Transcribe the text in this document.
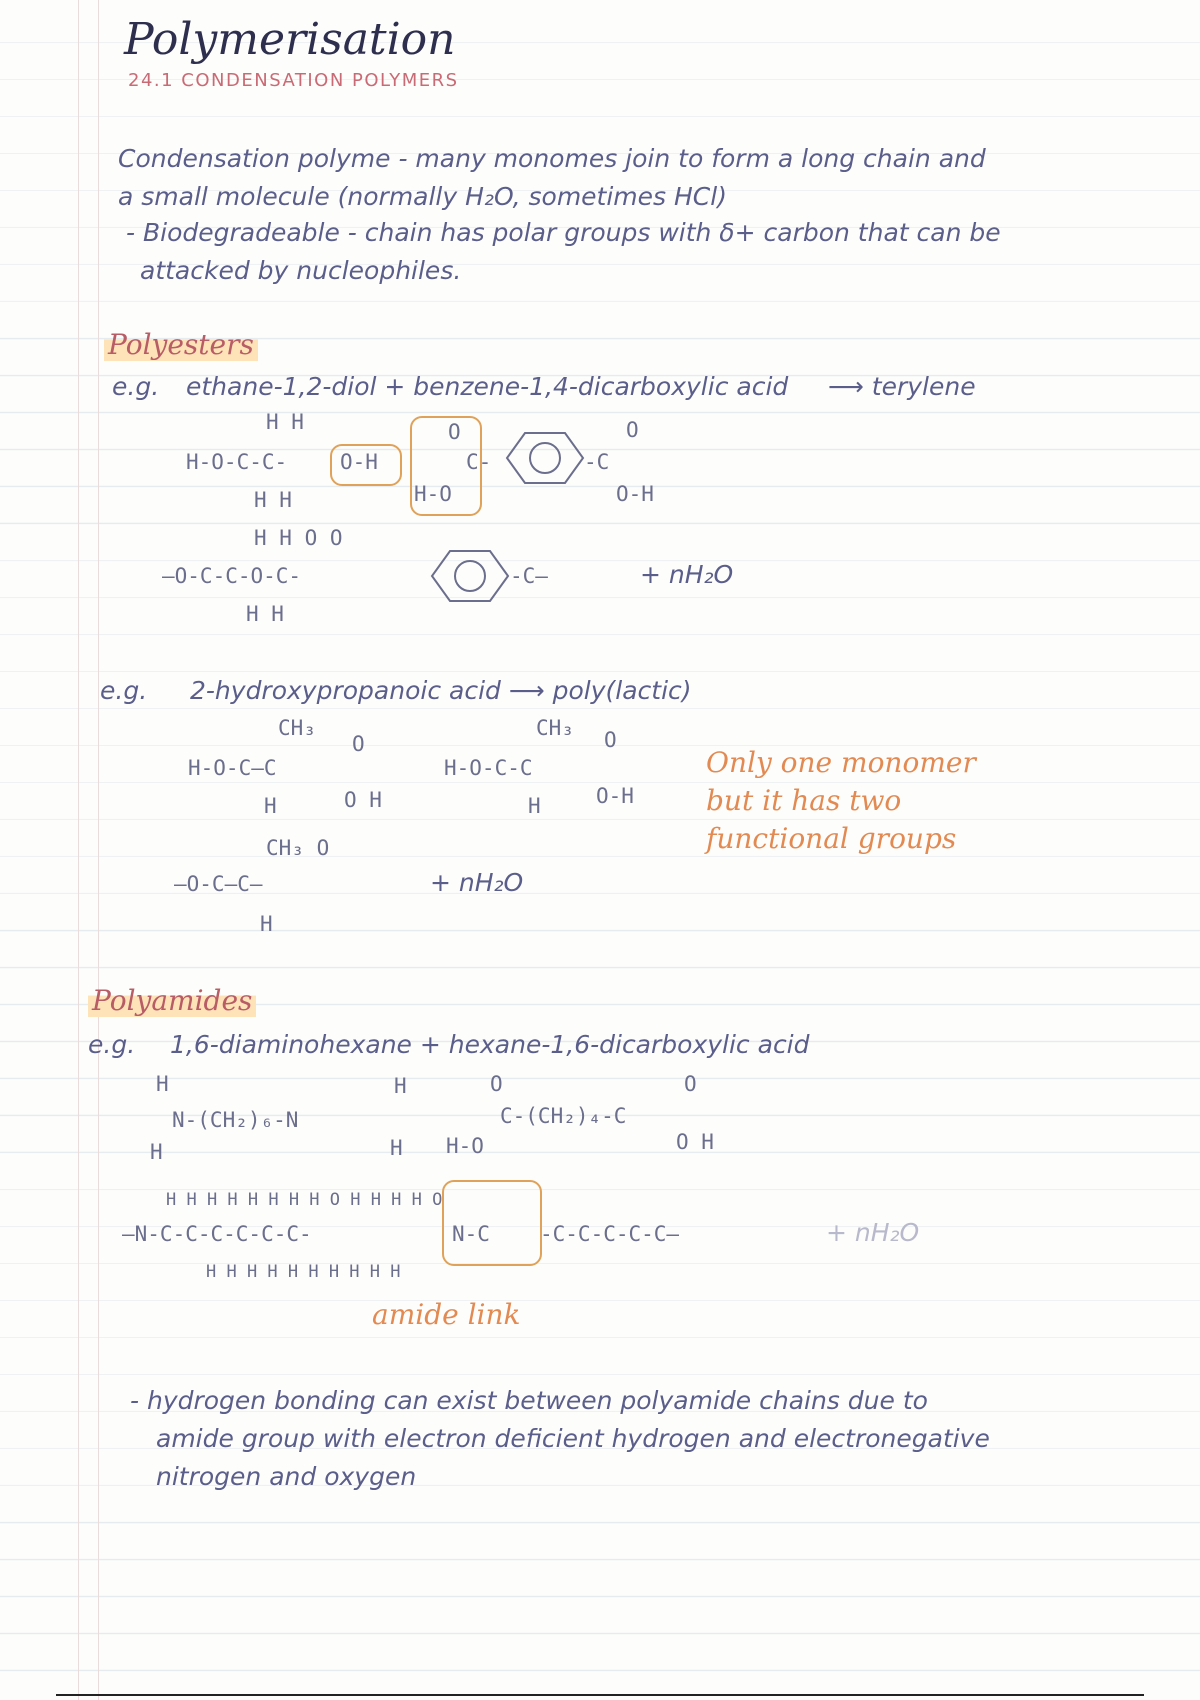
Polymerisation
24.1 CONDENSATION POLYMERS
Condensation polyme - many monomes join to form a long chain and
a small molecule (normally H₂O, sometimes HCl)
- Biodegradeable - chain has polar groups with δ+ carbon that can be
attacked by nucleophiles.
Polyesters
e.g. ethane-1,2-diol + benzene-1,4-dicarboxylic acid ⟶ terylene
H H
H-O-C-C-	O-H
H H
O
H-O
C-	-C
O
O-H
H H O O
—O-C-C-O-C-	-C—	+ nH₂O
H H
e.g. 2-hydroxypropanoic acid ⟶ poly(lactic)
CH₃
O
H-O-C—C
O H
H
CH₃ O
H-O-C-C
O-H
H
CH₃ O
—O-C—C—
H
+ nH₂O
Only one monomer
but it has two
functional groups
Polyamides
e.g. 1,6-diaminohexane + hexane-1,6-dicarboxylic acid
H
N-(CH₂)₆-N
H
H
H
O
C-(CH₂)₄-C
H-O
O
O H
H H H H H H H H O H H H H O
—N-C-C-C-C-C-C-	N-C -C-C-C-C-C—
H H H H H H H H H H
+ nH₂O
amide link
- hydrogen bonding can exist between polyamide chains due to
amide group with electron deficient hydrogen and electronegative
nitrogen and oxygen
